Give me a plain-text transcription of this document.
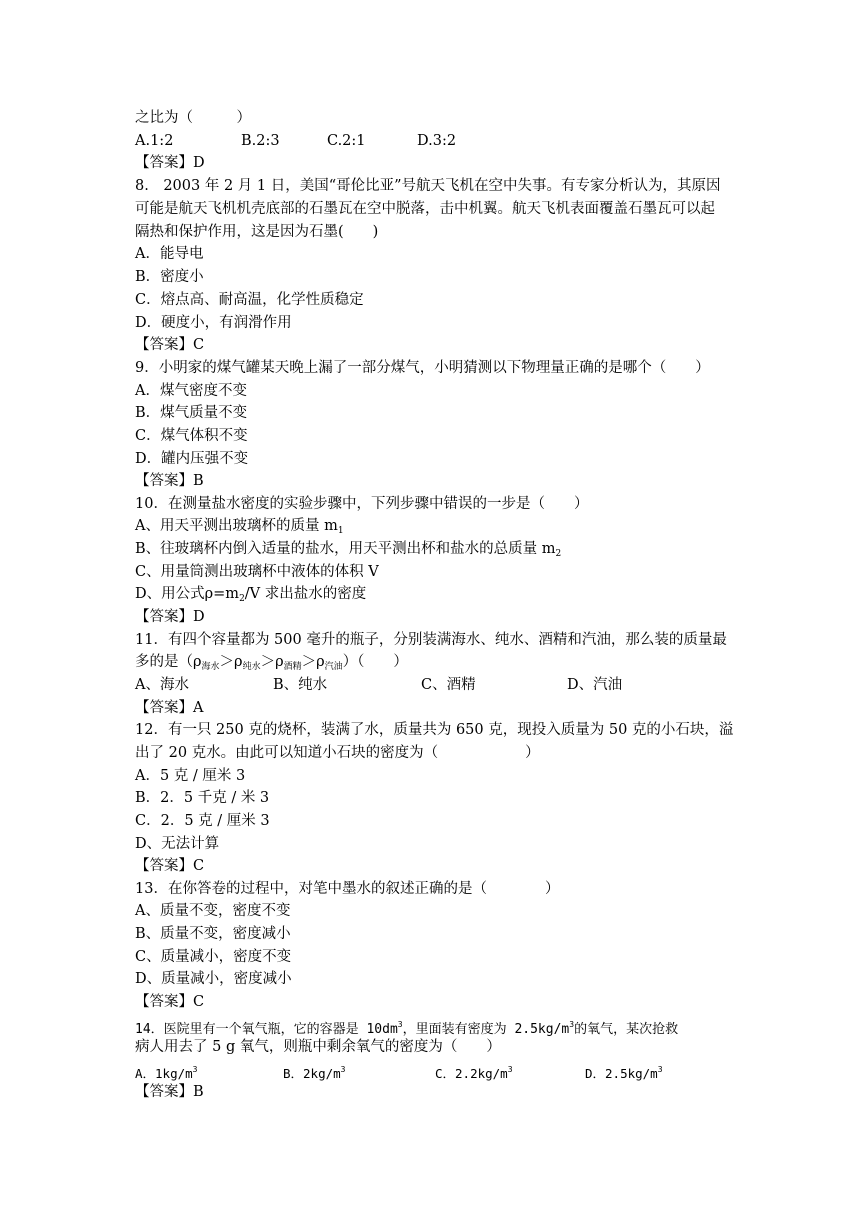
之比为（　　　）
A.1:2	B.2:3	C.2:1	D.3:2
【答案】D
8.　2003 年 2 月 1 日，美国“哥伦比亚”号航天飞机在空中失事。有专家分析认为，其原因
可能是航天飞机机壳底部的石墨瓦在空中脱落，击中机翼。航天飞机表面覆盖石墨瓦可以起
隔热和保护作用，这是因为石墨(　　)
A．能导电
B．密度小
C．熔点高、耐高温，化学性质稳定
D．硬度小，有润滑作用
【答案】C
9．小明家的煤气罐某天晚上漏了一部分煤气，小明猜测以下物理量正确的是哪个（　　）
A．煤气密度不变
B．煤气质量不变
C．煤气体积不变
D．罐内压强不变
【答案】B
10．在测量盐水密度的实验步骤中，下列步骤中错误的一步是（　　）
A、用天平测出玻璃杯的质量 $m_1$
B、往玻璃杯内倒入适量的盐水，用天平测出杯和盐水的总质量 $m_2$
C、用量筒测出玻璃杯中液体的体积 V
D、用公式$\rho=m_2/V$ 求出盐水的密度
【答案】D
11．有四个容量都为 500 毫升的瓶子，分别装满海水、纯水、酒精和汽油，那么装的质量最
多的是$(\rho_{海水}>\rho_{纯水}>\rho_{酒精}>\rho_{汽油})$（　　）
A、海水	B、纯水	C、酒精	D、汽油
【答案】A
12．有一只 250 克的烧杯，装满了水，质量共为 650 克，现投入质量为 50 克的小石块，溢
出了 20 克水。由此可以知道小石块的密度为（　　　　　　）
A．5 克 / 厘米 3
B．2．5 千克 / 米 3
C．2．5 克 / 厘米 3
D、无法计算
【答案】C
13．在你答卷的过程中，对笔中墨水的叙述正确的是（　　　　）
A、质量不变，密度不变
B、质量不变，密度减小
C、质量减小，密度不变
D、质量减小，密度减小
【答案】C
14．医院里有一个氧气瓶，它的容器是 $10dm^3$，里面装有密度为 $2.5kg/m^3$的氧气，某次抢救
病人用去了 5 g 氧气，则瓶中剩余氧气的密度为（　　）
A．$1kg/m^3$	B．$2kg/m^3$	C．$2.2kg/m^3$	D．$2.5kg/m^3$
【答案】B
